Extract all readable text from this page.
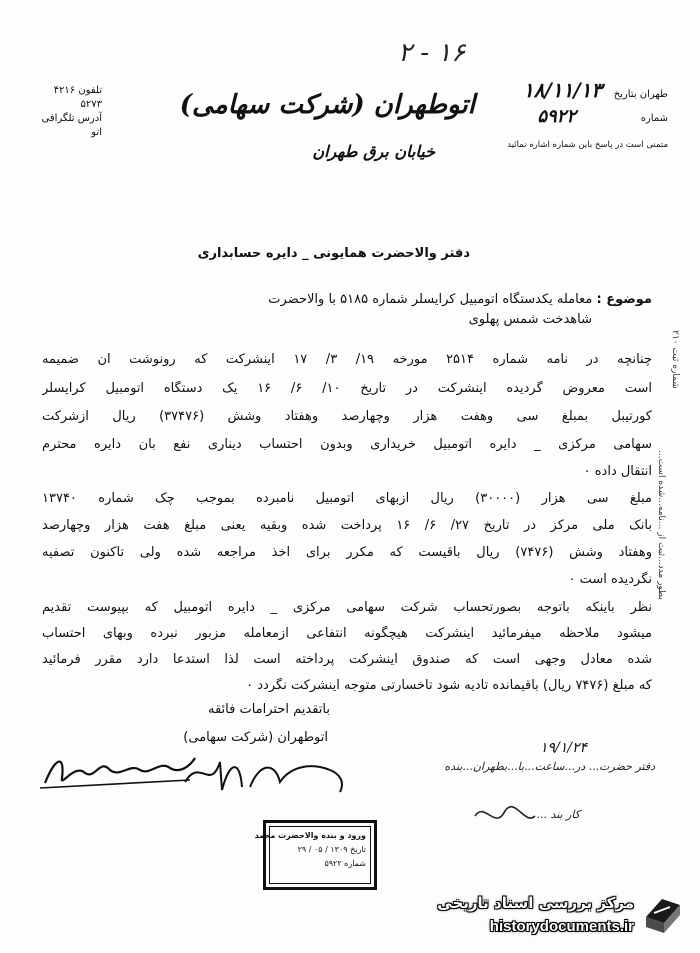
۲ - ۱۶
طهران بتاریخ
۱۸/۱۱/۱۳
شماره
۵۹۲۲
متمنی است در پاسخ باین شماره اشاره نمائید
اتوطهران (شرکت سهامی)
خیابان برق طهران
تلفون ۴۲۱۶
۵۲۷۳
آدرس تلگرافی
اتو
دفتر والاحضرت همایونی _ دایره حسابداری
موضوع : معامله یکدستگاه اتومبیل کرایسلر شماره ۵۱۸۵ با والاحضرت
شاهدخت شمس پهلوی
چنانچه در نامه شماره ۲۵۱۴ مورخه ۱۹/ ۳/ ۱۷ اینشرکت که رونوشت ان ضمیمه
است معروض گردیده اینشرکت در تاریخ ۱۰/ ۶/ ۱۶ یک دستگاه اتومبیل کرایسلر
کورتیبل بمبلغ سی وهفت هزار وچهارصد وهفتاد وشش (۳۷۴۷۶) ریال ازشرکت
سهامی مرکزی _ دایره اتومبیل خریداری وبدون احتساب دیناری نفع بان دایره محترم
انتقال داده ۰
مبلغ سی هزار (۳۰۰۰۰) ریال ازبهای اتومبیل نامبرده بموجب چک شماره ۱۳۷۴۰
بانک ملی مرکز در تاریخ ۲۷/ ۶/ ۱۶ پرداخت شده وبقیه یعنی مبلغ هفت هزار وچهارصد
وهفتاد وشش (۷۴۷۶) ریال باقیست که مکرر برای اخذ مراجعه شده ولی تاکنون تصفیه
نگردیده است ۰
نظر باینکه باتوجه بصورتحساب شرکت سهامی مرکزی _ دایره اتومبیل که بپیوست تقدیم
میشود ملاحظه میفرمائید اینشرکت هیچگونه انتفاعی ازمعامله مزبور نبرده وبهای احتساب
شده معادل وجهی است که صندوق اینشرکت پرداخته است لذا استدعا دارد مقرر فرمائید
که مبلغ (۷۴۷۶ ریال) باقیمانده تادیه شود تاخسارتی متوجه اینشرکت نگردد ۰
باتقدیم احترامات فائقه
اتوطهران (شرکت سهامی)
۱۹/۱/۲۴
دفتر حضرت... در...ساعت...با...بطهران...بنده
کار بند ...
ورود و بنده والاحضرت محمد
تاریخ ۱۳۰۹ / ۰۵ / ۲۹
شماره ۵۹۲۲
شماره ثبت ۲۱۰
...بطور مدد...ثبت از ...نامه...شده است
مرکز بررسی اسناد تاریخی
historydocuments.ir
